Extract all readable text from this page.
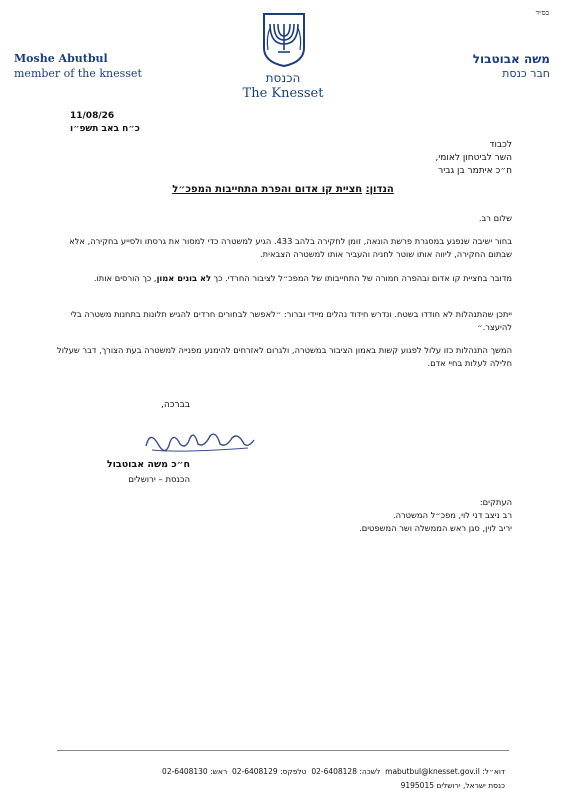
בס״ד
משה אבוטבול
חבר כנסת
Moshe Abutbul
member of the knesset	הכנסת
The Knesset
11/08/26
כ״ח באב תשפ״ו
לכבוד
השר לביטחון לאומי,
ח״כ איתמר בן גביר
הנדון: חציית קו אדום והפרת התחייבות המפכ״ל
שלום רב.
בחור ישיבה שנפגע במסגרת פרשת הונאה, זומן לחקירה בלהב 433. הגיע למשטרה כדי למסור את גרסתו ולסייע בחקירה, אלא שבתום החקירה, ליווה אותו שוטר לחניה והעביר אותו למשטרה הצבאית.
מדובר בחציית קו אדום ובהפרה חמורה של התחייבותו של המפכ״ל לציבור החרדי. כך לא בונים אמון, כך הורסים אותו.
ייתכן שהתנהלות לא חודדו בשטח. ונדרש חידוד נהלים מיידי וברור: ״לאפשר לבחורים חרדים להגיש תלונות בתחנות משטרה בלי להיעצר.״
המשך התנהלות כזו עלול לפגוע קשות באמון הציבור במשטרה, ולגרום לאזרחים להימנע מפנייה למשטרה בעת הצורך, דבר שעלול חלילה לעלות בחיי אדם.
בברכה,
ח״כ משה אבוטבול
הכנסת – ירושלים
העתקים:
רב ניצב דני לוי, מפכ״ל המשטרה.
יריב לוין, סגן ראש הממשלה ושר המשפטים.
דוא״ל: mabutbul@knesset.gov.il  לשכה: 02-6408128  טלפקס: 02-6408129  ראש: 02-6408130
כנסת ישראל, ירושלים 9195015
